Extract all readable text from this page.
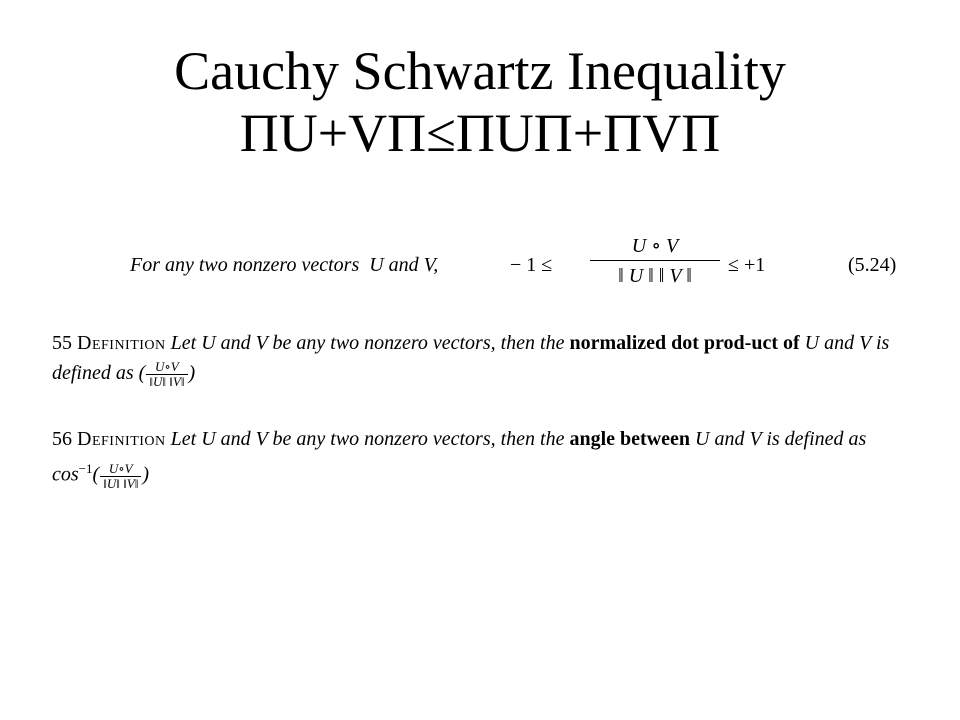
Cauchy Schwartz Inequality
ΠU+VΠ≤ΠUΠ+ΠVΠ
For any two nonzero vectors  U and V,	− 1 ≤
U ∘ V
‖ U ‖ ‖ V ‖	≤ +1	(5.24)
55 Definition Let U and V be any two nonzero vectors, then the normalized dot prod-uct of U and V is defined as ( $\frac{U\circ V}{‖U‖ ‖V‖}$ )
56 Definition Let U and V be any two nonzero vectors, then the angle between U and V is defined as $\cos^{-1}( \frac{U\circ V}{‖U‖ ‖V‖}$ )
